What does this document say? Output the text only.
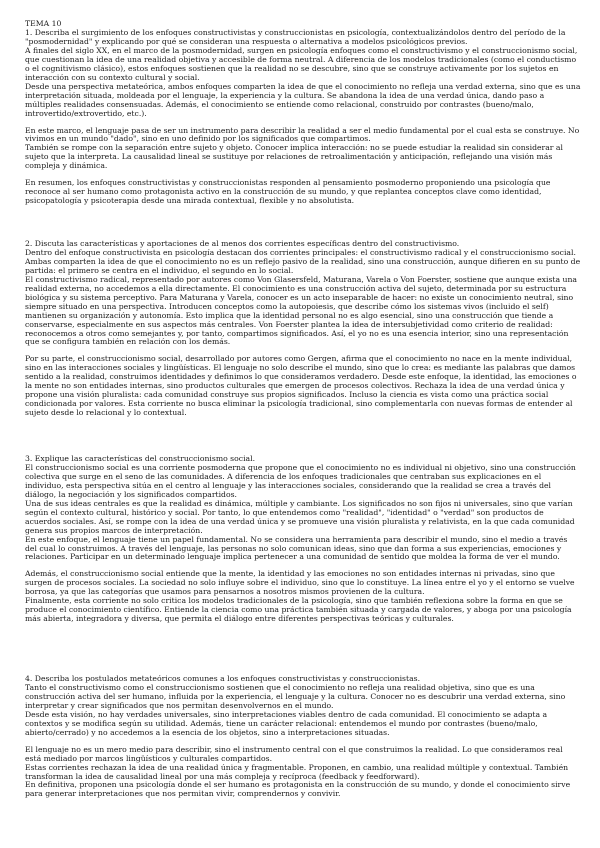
TEMA 10

1. Describa el surgimiento de los enfoques constructivistas y construccionistas en psicología, contextualizándolos dentro del período de la "posmodernidad" y explicando por qué se consideran una respuesta o alternativa a modelos psicológicos previos.

A finales del siglo XX, en el marco de la posmodernidad, surgen en psicología enfoques como el constructivismo y el construccionismo social, que cuestionan la idea de una realidad objetiva y accesible de forma neutral. A diferencia de los modelos tradicionales (como el conductismo o el cognitivismo clásico), estos enfoques sostienen que la realidad no se descubre, sino que se construye activamente por los sujetos en interacción con su contexto cultural y social.

Desde una perspectiva metateórica, ambos enfoques comparten la idea de que el conocimiento no refleja una verdad externa, sino que es una interpretación situada, moldeada por el lenguaje, la experiencia y la cultura. Se abandona la idea de una verdad única, dando paso a múltiples realidades consensuadas. Además, el conocimiento se entiende como relacional, construido por contrastes (bueno/malo, introvertido/extrovertido, etc.).

En este marco, el lenguaje pasa de ser un instrumento para describir la realidad a ser el medio fundamental por el cual esta se construye. No vivimos en un mundo "dado", sino en uno definido por los significados que compartimos.

También se rompe con la separación entre sujeto y objeto. Conocer implica interacción: no se puede estudiar la realidad sin considerar al sujeto que la interpreta. La causalidad lineal se sustituye por relaciones de retroalimentación y anticipación, reflejando una visión más compleja y dinámica.

En resumen, los enfoques constructivistas y construccionistas responden al pensamiento posmoderno proponiendo una psicología que reconoce al ser humano como protagonista activo en la construcción de su mundo, y que replantea conceptos clave como identidad, psicopatología y psicoterapia desde una mirada contextual, flexible y no absolutista.

2. Discuta las características y aportaciones de al menos dos corrientes específicas dentro del constructivismo.

Dentro del enfoque constructivista en psicología destacan dos corrientes principales: el constructivismo radical y el construccionismo social. Ambas comparten la idea de que el conocimiento no es un reflejo pasivo de la realidad, sino una construcción, aunque difieren en su punto de partida: el primero se centra en el individuo, el segundo en lo social.

El constructivismo radical, representado por autores como Von Glasersfeld, Maturana, Varela o Von Foerster, sostiene que aunque exista una realidad externa, no accedemos a ella directamente. El conocimiento es una construcción activa del sujeto, determinada por su estructura biológica y su sistema perceptivo. Para Maturana y Varela, conocer es un acto inseparable de hacer: no existe un conocimiento neutral, sino siempre situado en una perspectiva. Introducen conceptos como la autopoiesis, que describe cómo los sistemas vivos (incluido el self) mantienen su organización y autonomía. Esto implica que la identidad personal no es algo esencial, sino una construcción que tiende a conservarse, especialmente en sus aspectos más centrales. Von Foerster plantea la idea de intersubjetividad como criterio de realidad: reconocemos a otros como semejantes y, por tanto, compartimos significados. Así, el yo no es una esencia interior, sino una representación que se configura también en relación con los demás.

Por su parte, el construccionismo social, desarrollado por autores como Gergen, afirma que el conocimiento no nace en la mente individual, sino en las interacciones sociales y lingüísticas. El lenguaje no solo describe el mundo, sino que lo crea: es mediante las palabras que damos sentido a la realidad, construimos identidades y definimos lo que consideramos verdadero. Desde este enfoque, la identidad, las emociones o la mente no son entidades internas, sino productos culturales que emergen de procesos colectivos. Rechaza la idea de una verdad única y propone una visión pluralista: cada comunidad construye sus propios significados. Incluso la ciencia es vista como una práctica social condicionada por valores. Esta corriente no busca eliminar la psicología tradicional, sino complementarla con nuevas formas de entender al sujeto desde lo relacional y lo contextual.

3. Explique las características del construccionismo social.

El construccionismo social es una corriente posmoderna que propone que el conocimiento no es individual ni objetivo, sino una construcción colectiva que surge en el seno de las comunidades. A diferencia de los enfoques tradicionales que centraban sus explicaciones en el individuo, esta perspectiva sitúa en el centro al lenguaje y las interacciones sociales, considerando que la realidad se crea a través del diálogo, la negociación y los significados compartidos.

Una de sus ideas centrales es que la realidad es dinámica, múltiple y cambiante. Los significados no son fijos ni universales, sino que varían según el contexto cultural, histórico y social. Por tanto, lo que entendemos como "realidad", "identidad" o "verdad" son productos de acuerdos sociales. Así, se rompe con la idea de una verdad única y se promueve una visión pluralista y relativista, en la que cada comunidad genera sus propios marcos de interpretación.

En este enfoque, el lenguaje tiene un papel fundamental. No se considera una herramienta para describir el mundo, sino el medio a través del cual lo construimos. A través del lenguaje, las personas no solo comunican ideas, sino que dan forma a sus experiencias, emociones y relaciones. Participar en un determinado lenguaje implica pertenecer a una comunidad de sentido que moldea la forma de ver el mundo.

Además, el construccionismo social entiende que la mente, la identidad y las emociones no son entidades internas ni privadas, sino que surgen de procesos sociales. La sociedad no solo influye sobre el individuo, sino que lo constituye. La línea entre el yo y el entorno se vuelve borrosa, ya que las categorías que usamos para pensarnos a nosotros mismos provienen de la cultura.

Finalmente, esta corriente no solo critica los modelos tradicionales de la psicología, sino que también reflexiona sobre la forma en que se produce el conocimiento científico. Entiende la ciencia como una práctica también situada y cargada de valores, y aboga por una psicología más abierta, integradora y diversa, que permita el diálogo entre diferentes perspectivas teóricas y culturales.

4. Describa los postulados metateóricos comunes a los enfoques constructivistas y construccionistas.

Tanto el constructivismo como el construccionismo sostienen que el conocimiento no refleja una realidad objetiva, sino que es una construcción activa del ser humano, influida por la experiencia, el lenguaje y la cultura. Conocer no es descubrir una verdad externa, sino interpretar y crear significados que nos permitan desenvolvernos en el mundo.

Desde esta visión, no hay verdades universales, sino interpretaciones viables dentro de cada comunidad. El conocimiento se adapta a contextos y se modifica según su utilidad. Además, tiene un carácter relacional: entendemos el mundo por contrastes (bueno/malo, abierto/cerrado) y no accedemos a la esencia de los objetos, sino a interpretaciones situadas.

El lenguaje no es un mero medio para describir, sino el instrumento central con el que construimos la realidad. Lo que consideramos real está mediado por marcos lingüísticos y culturales compartidos.

Estas corrientes rechazan la idea de una realidad única y fragmentable. Proponen, en cambio, una realidad múltiple y contextual. También transforman la idea de causalidad lineal por una más compleja y recíproca (feedback y feedforward).

En definitiva, proponen una psicología donde el ser humano es protagonista en la construcción de su mundo, y donde el conocimiento sirve para generar interpretaciones que nos permitan vivir, comprendernos y convivir.
